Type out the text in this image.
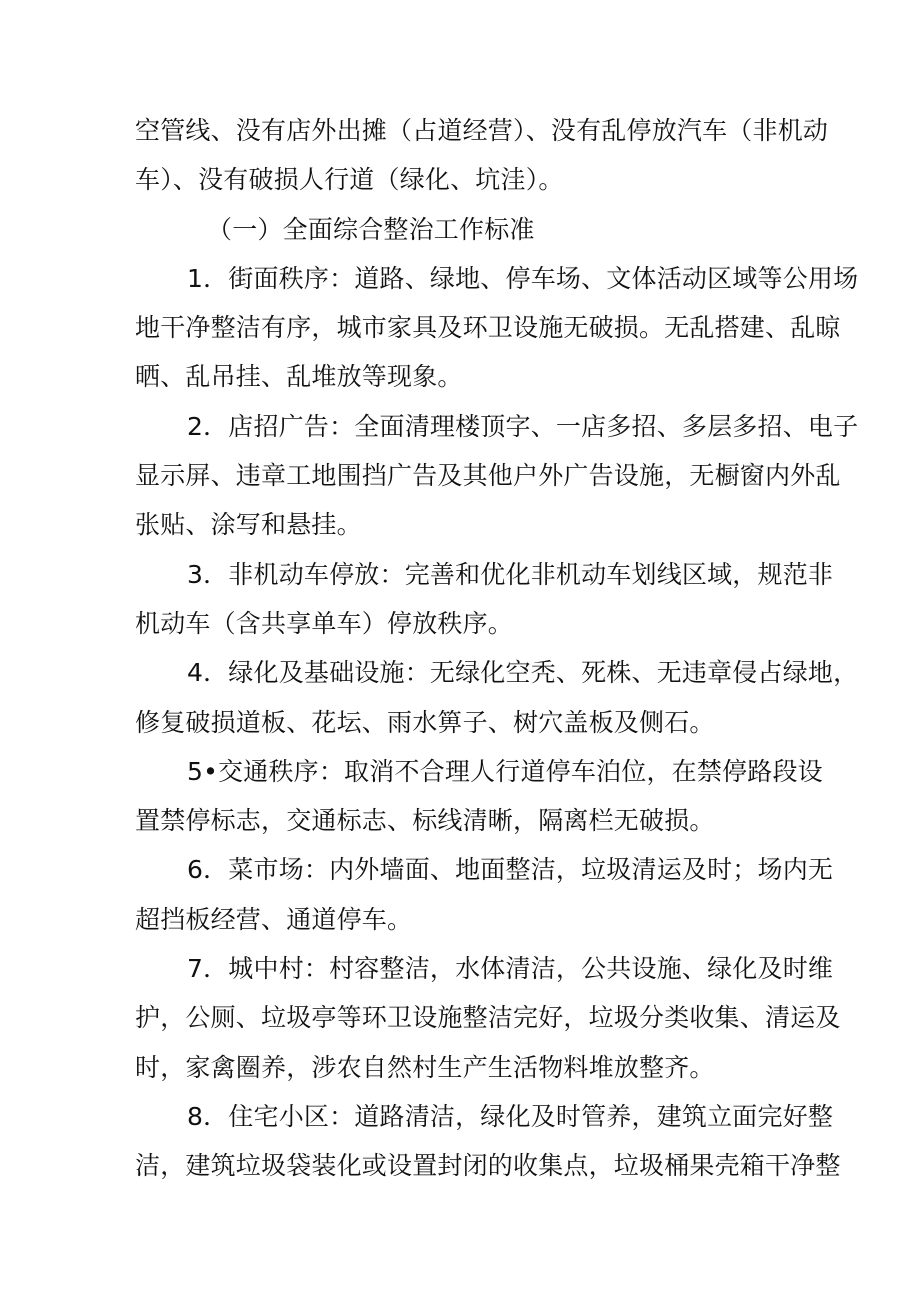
空管线、没有店外出摊（占道经营）、没有乱停放汽车（非机动
车）、没有破损人行道（绿化、坑洼）。
（一）全面综合整治工作标准
1．街面秩序：道路、绿地、停车场、文体活动区域等公用场
地干净整洁有序，城市家具及环卫设施无破损。无乱搭建、乱晾
晒、乱吊挂、乱堆放等现象。
2．店招广告：全面清理楼顶字、一店多招、多层多招、电子
显示屏、违章工地围挡广告及其他户外广告设施，无橱窗内外乱
张贴、涂写和悬挂。
3．非机动车停放：完善和优化非机动车划线区域，规范非
机动车（含共享单车）停放秩序。
4．绿化及基础设施：无绿化空秃、死株、无违章侵占绿地，
修复破损道板、花坛、雨水箅子、树穴盖板及侧石。
5•交通秩序：取消不合理人行道停车泊位，在禁停路段设
置禁停标志，交通标志、标线清晰，隔离栏无破损。
6．菜市场：内外墙面、地面整洁，垃圾清运及时；场内无
超挡板经营、通道停车。
7．城中村：村容整洁，水体清洁，公共设施、绿化及时维
护，公厕、垃圾亭等环卫设施整洁完好，垃圾分类收集、清运及
时，家禽圈养，涉农自然村生产生活物料堆放整齐。
8．住宅小区：道路清洁，绿化及时管养，建筑立面完好整
洁，建筑垃圾袋装化或设置封闭的收集点，垃圾桶果壳箱干净整
